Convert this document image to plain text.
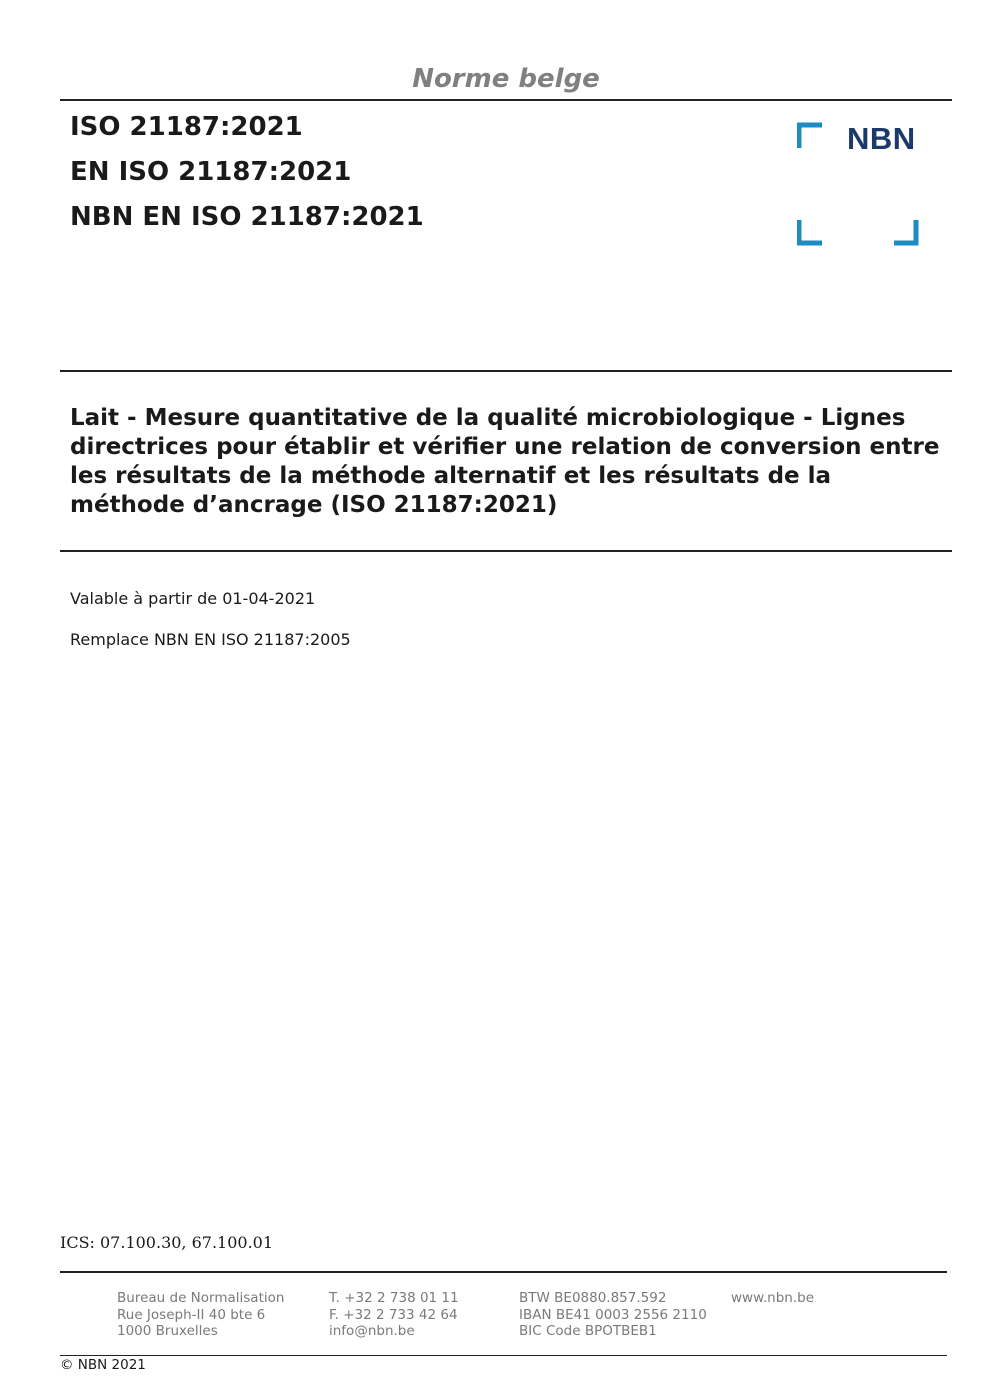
Norme belge
ISO 21187:2021
EN ISO 21187:2021
NBN EN ISO 21187:2021
NBN
Lait - Mesure quantitative de la qualité microbiologique - Lignes directrices pour établir et vérifier une relation de conversion entre les résultats de la méthode alternatif et les résultats de la méthode d’ancrage (ISO 21187:2021)
Valable à partir de 01-04-2021
Remplace NBN EN ISO 21187:2005
ICS: 07.100.30, 67.100.01
Bureau de Normalisation
Rue Joseph-II 40 bte 6
1000 Bruxelles
T. +32 2 738 01 11
F. +32 2 733 42 64
info@nbn.be
BTW BE0880.857.592
IBAN BE41 0003 2556 2110
BIC Code BPOTBEB1
www.nbn.be
© NBN 2021
